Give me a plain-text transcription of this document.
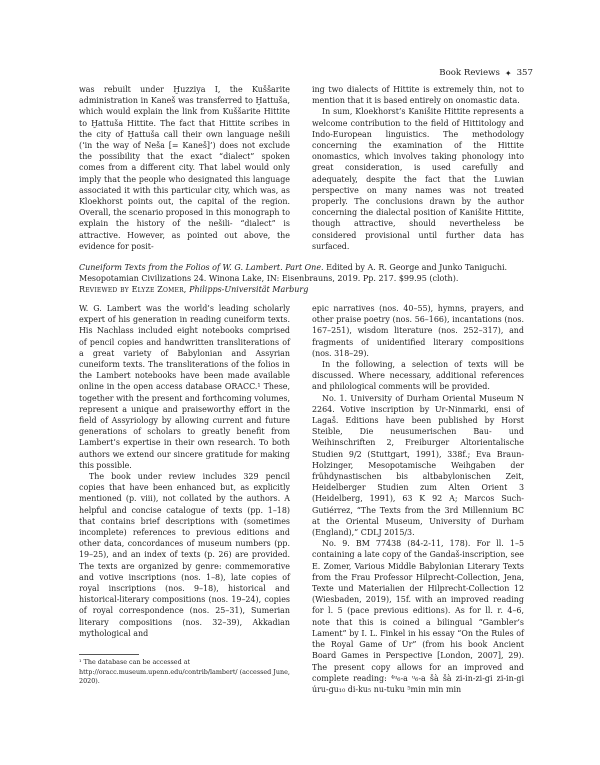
Book Reviews ✦ 357

was rebuilt under Ḫuzziya I, the Kuššarite administration in Kaneš was transferred to Ḫattuša, which would explain the link from Kuššarite Hittite to Ḫattuša Hittite. The fact that Hittite scribes in the city of Ḫattuša call their own language nešili (‘in the way of Neša [= Kaneš]’) does not exclude the possibility that the exact “dialect” spoken comes from a different city. That label would only imply that the people who designated this language associated it with this particular city, which was, as Kloekhorst points out, the capital of the region. Overall, the scenario proposed in this monograph to explain the history of the nešili- “dialect” is attractive. However, as pointed out above, the evidence for posit-

ing two dialects of Hittite is extremely thin, not to mention that it is based entirely on onomastic data.

In sum, Kloekhorst’s Kanišite Hittite represents a welcome contribution to the field of Hittitology and Indo-European linguistics. The methodology concerning the examination of the Hittite onomastics, which involves taking phonology into great consideration, is used carefully and adequately, despite the fact that the Luwian perspective on many names was not treated properly. The conclusions drawn by the author concerning the dialectal position of Kanišite Hittite, though attractive, should nevertheless be considered provisional until further data has surfaced.

Cuneiform Texts from the Folios of W. G. Lambert. Part One. Edited by A. R. George and Junko Taniguchi. Mesopotamian Civilizations 24. Winona Lake, IN: Eisenbrauns, 2019. Pp. 217. $99.95 (cloth).
Reviewed by Elyze Zomer, Philipps-Universität Marburg

W. G. Lambert was the world’s leading scholarly expert of his generation in reading cuneiform texts. His Nachlass included eight notebooks comprised of pencil copies and handwritten transliterations of a great variety of Babylonian and Assyrian cuneiform texts. The transliterations of the folios in the Lambert notebooks have been made available online in the open access database ORACC.¹ These, together with the present and forthcoming volumes, represent a unique and praiseworthy effort in the field of Assyriology by allowing current and future generations of scholars to greatly benefit from Lambert’s expertise in their own research. To both authors we extend our sincere gratitude for making this possible.

The book under review includes 329 pencil copies that have been enhanced but, as explicitly mentioned (p. viii), not collated by the authors. A helpful and concise catalogue of texts (pp. 1–18) that contains brief descriptions with (sometimes incomplete) references to previous editions and other data, concordances of museum numbers (pp. 19–25), and an index of texts (p. 26) are provided. The texts are organized by genre: commemorative and votive inscriptions (nos. 1–8), late copies of royal inscriptions (nos. 9–18), historical and historical-literary compositions (nos. 19–24), copies of royal correspondence (nos. 25–31), Sumerian literary compositions (nos. 32–39), Akkadian mythological and

epic narratives (nos. 40–55), hymns, prayers, and other praise poetry (nos. 56–166), incantations (nos. 167–251), wisdom literature (nos. 252–317), and fragments of unidentified literary compositions (nos. 318–29).

In the following, a selection of texts will be discussed. Where necessary, additional references and philological comments will be provided.

No. 1. University of Durham Oriental Museum N 2264. Votive inscription by Ur-Ninmarki, ensi of Lagaš. Editions have been published by Horst Steible, Die neusumerischen Bau- und Weihinschriften 2, Freiburger Altorientalische Studien 9/2 (Stuttgart, 1991), 338f.; Eva Braun-Holzinger, Mesopotamische Weihgaben der frühdynastischen bis altbabylonischen Zeit, Heidelberger Studien zum Alten Orient 3 (Heidelberg, 1991), 63 K 92 A; Marcos Such-Gutiérrez, “The Texts from the 3rd Millennium BC at the Oriental Museum, University of Durham (England),” CDLJ 2015/3.

No. 9. BM 77438 (84-2-11, 178). For ll. 1–5 containing a late copy of the Gandaš-inscription, see E. Zomer, Various Middle Babylonian Literary Texts from the Frau Professor Hilprecht-Collection, Jena, Texte und Materialien der Hilprecht-Collection 12 (Wiesbaden, 2019), 15f. with an improved reading for l. 5 (pace previous editions). As for ll. r. 4–6, note that this is coined a bilingual “Gambler’s Lament” by I. L. Finkel in his essay “On the Rules of the Royal Game of Ur” (from his book Ancient Board Games in Perspective [London, 2007], 29). The present copy allows for an improved and complete reading: ⁴ᵘ₆-a ᵘ₆-a šà šà zi-in-zi-gi zi-in-gi úru-gu₁₀ di-ku₅ nu-tuku ⁵min min min

¹ The database can be accessed at http://oracc.museum.upenn.edu/contrib/lambert/ (accessed June, 2020).
